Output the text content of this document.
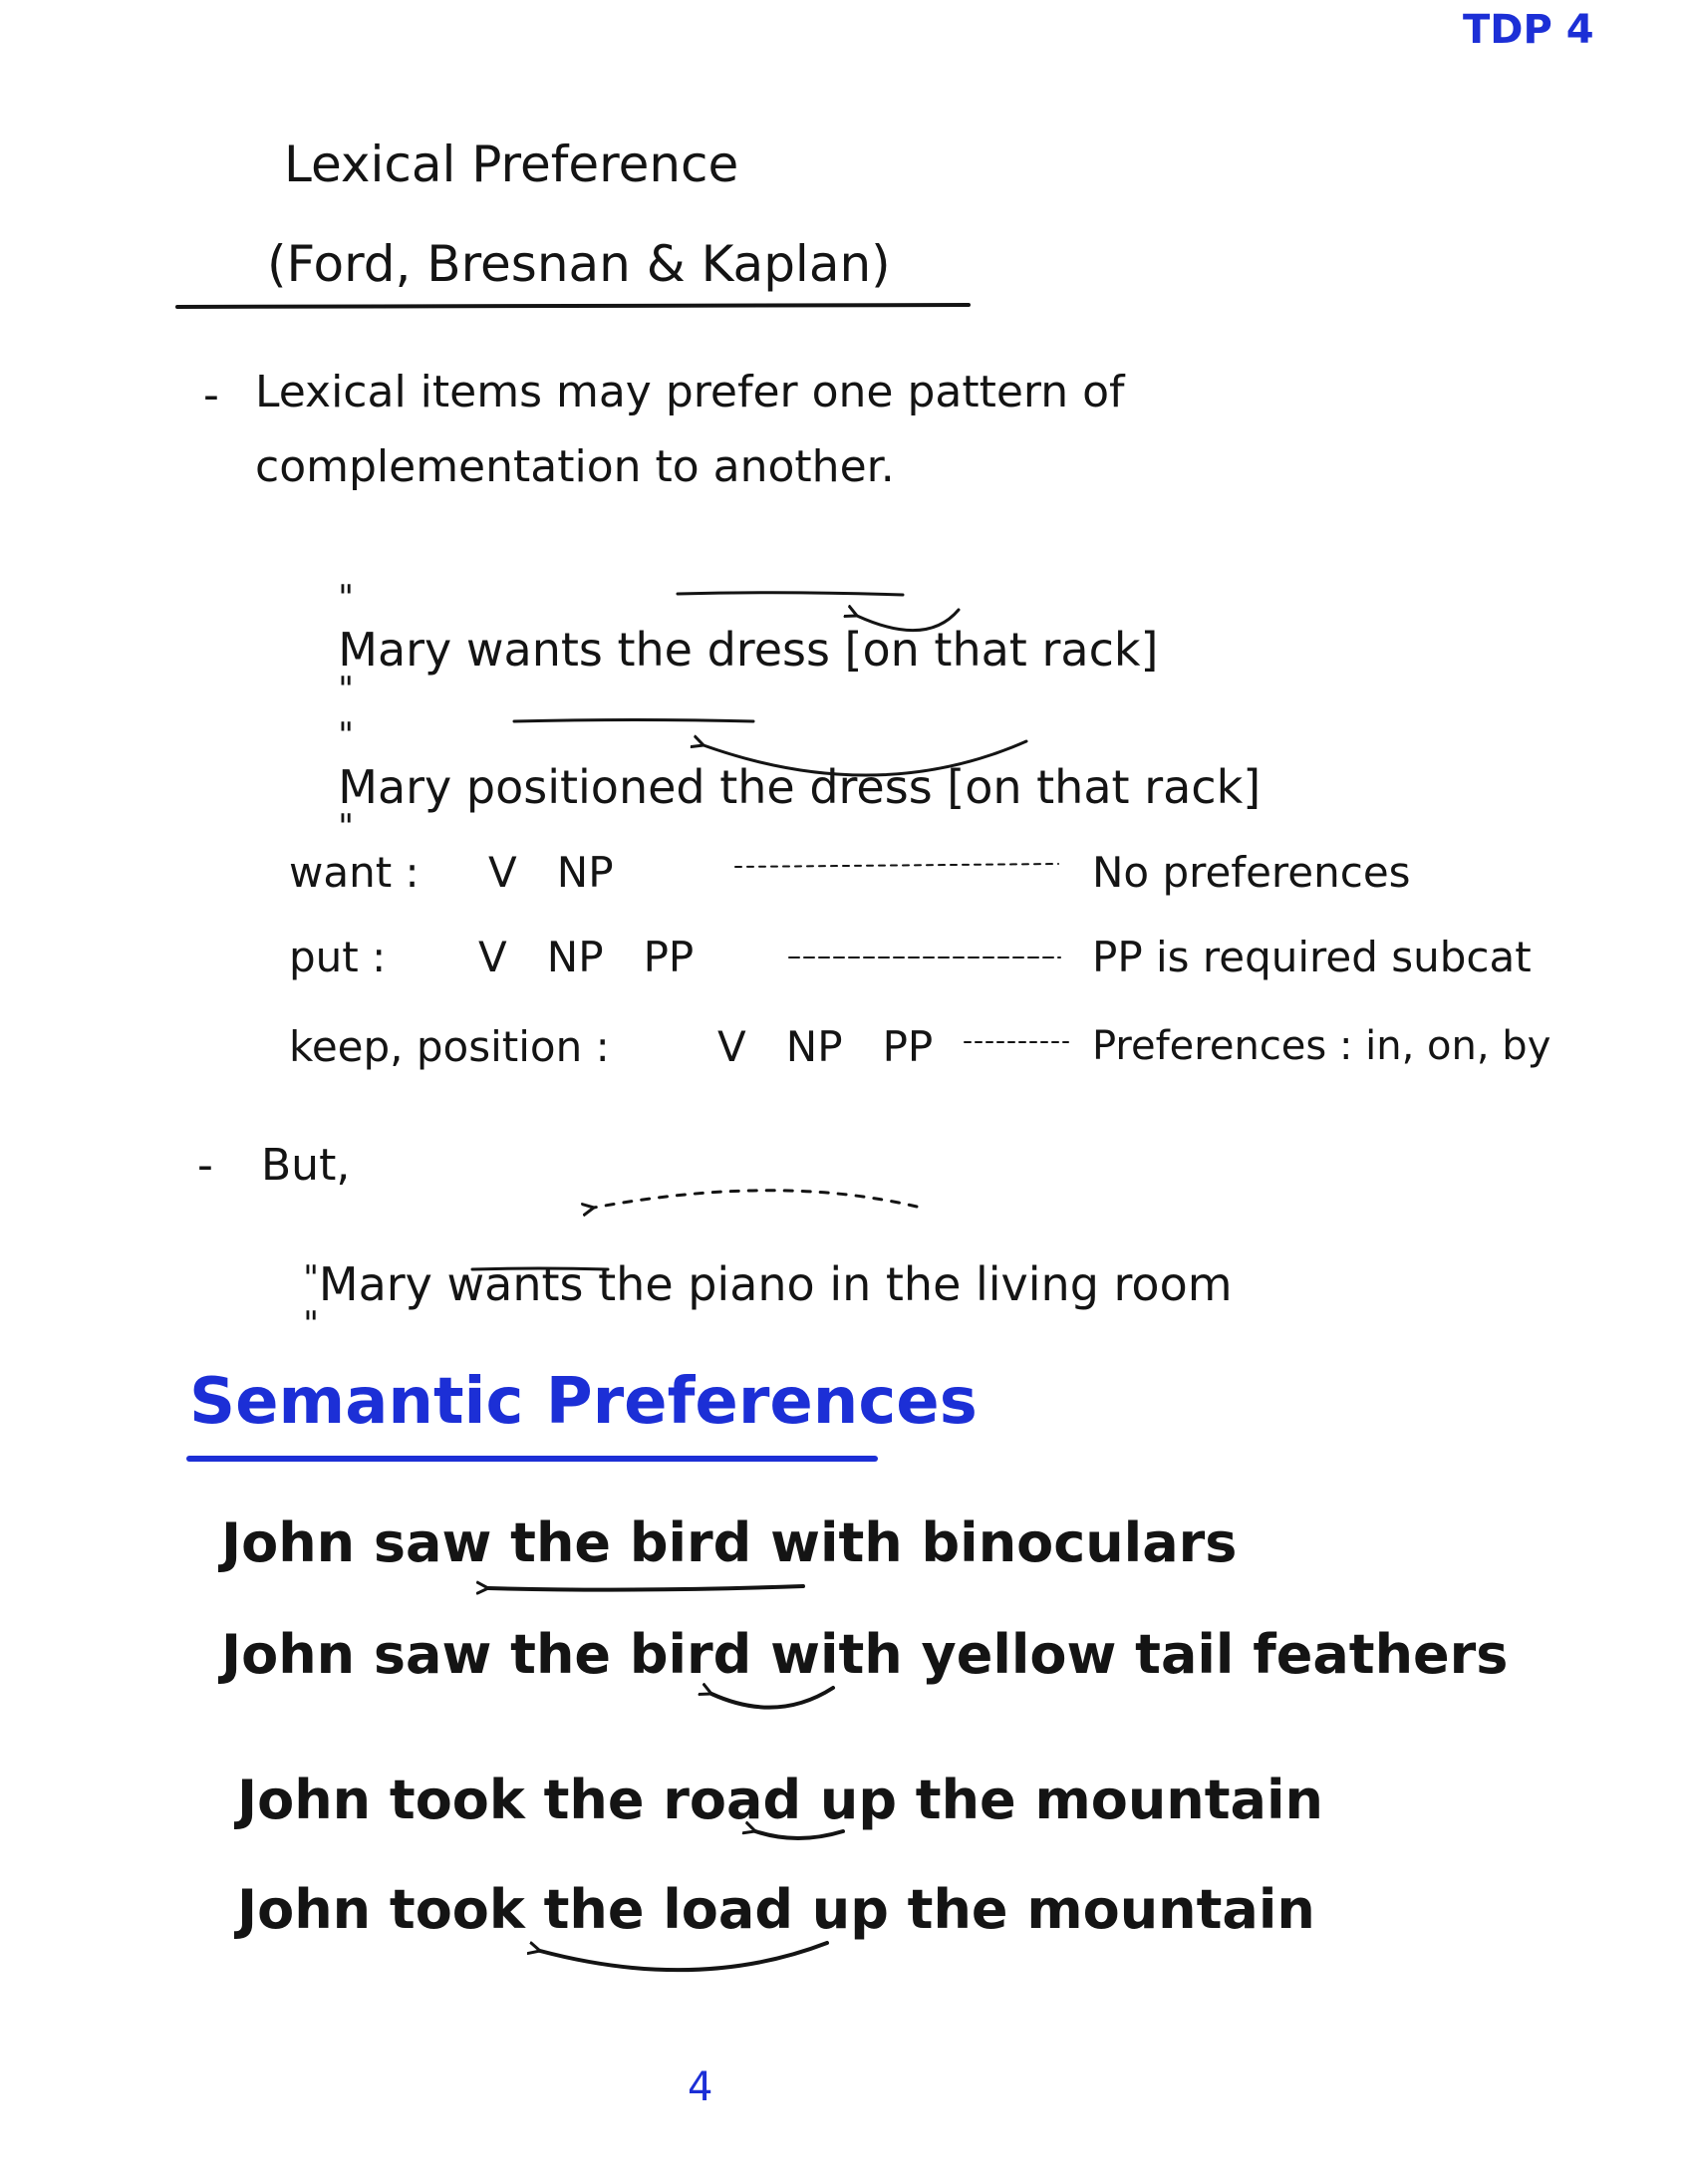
TDP 4
Lexical Preference
(Ford, Bresnan & Kaplan)
- Lexical items may prefer one pattern of
complementation to another.

"
Mary wants the dress [on that rack]
"

"
Mary positioned the dress [on that rack]
"

want : V   NP	No preferences
put : V   NP   PP	PP is required subcat
keep, position :	V   NP   PP	Preferences : in, on, by
- But,

"Mary wants the piano in the living room
"

Semantic Preferences
John saw the bird with binoculars
John saw the bird with yellow tail feathers
John took the road up the mountain
John took the load up the mountain
4
